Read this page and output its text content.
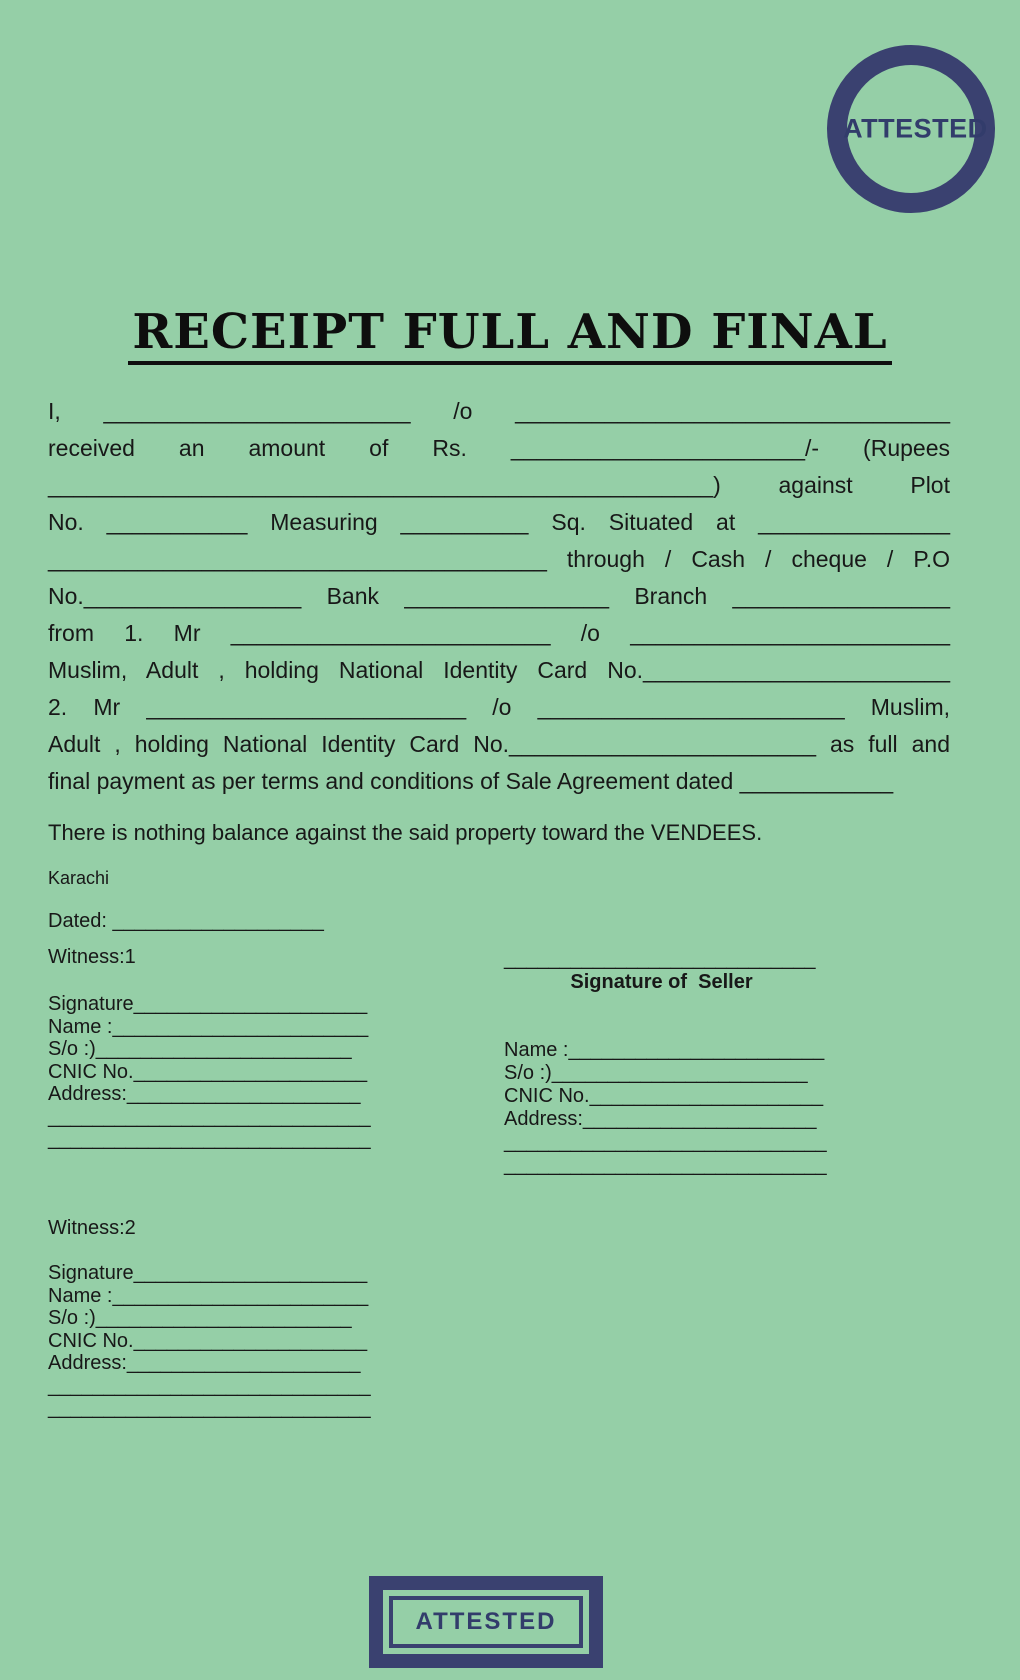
ATTESTED
RECEIPT FULL AND FINAL
I, ________________________ /o __________________________________
received an amount of Rs. _______________________/- (Rupees
____________________________________________________) against Plot
No. ___________ Measuring __________ Sq. Situated at _______________
_______________________________________ through / Cash / cheque / P.O
No._________________ Bank ________________ Branch _________________
from 1. Mr _________________________ /o _________________________
Muslim, Adult , holding National Identity Card No.________________________
2. Mr _________________________ /o ________________________ Muslim,
Adult , holding National Identity Card No.________________________ as full and
final payment as per terms and conditions of Sale Agreement dated ____________
There is nothing balance against the said property toward the VENDEES.
Karachi
Dated: ___________________
Witness:1
Signature_____________________
Name :_______________________
S/o :)_______________________
CNIC No._____________________
Address:_____________________
_____________________________
_____________________________
____________________________
Signature of  Seller
Name :_______________________
S/o :)_______________________
CNIC No._____________________
Address:_____________________
_____________________________
_____________________________
Witness:2
Signature_____________________
Name :_______________________
S/o :)_______________________
CNIC No._____________________
Address:_____________________
_____________________________
_____________________________
ATTESTED
